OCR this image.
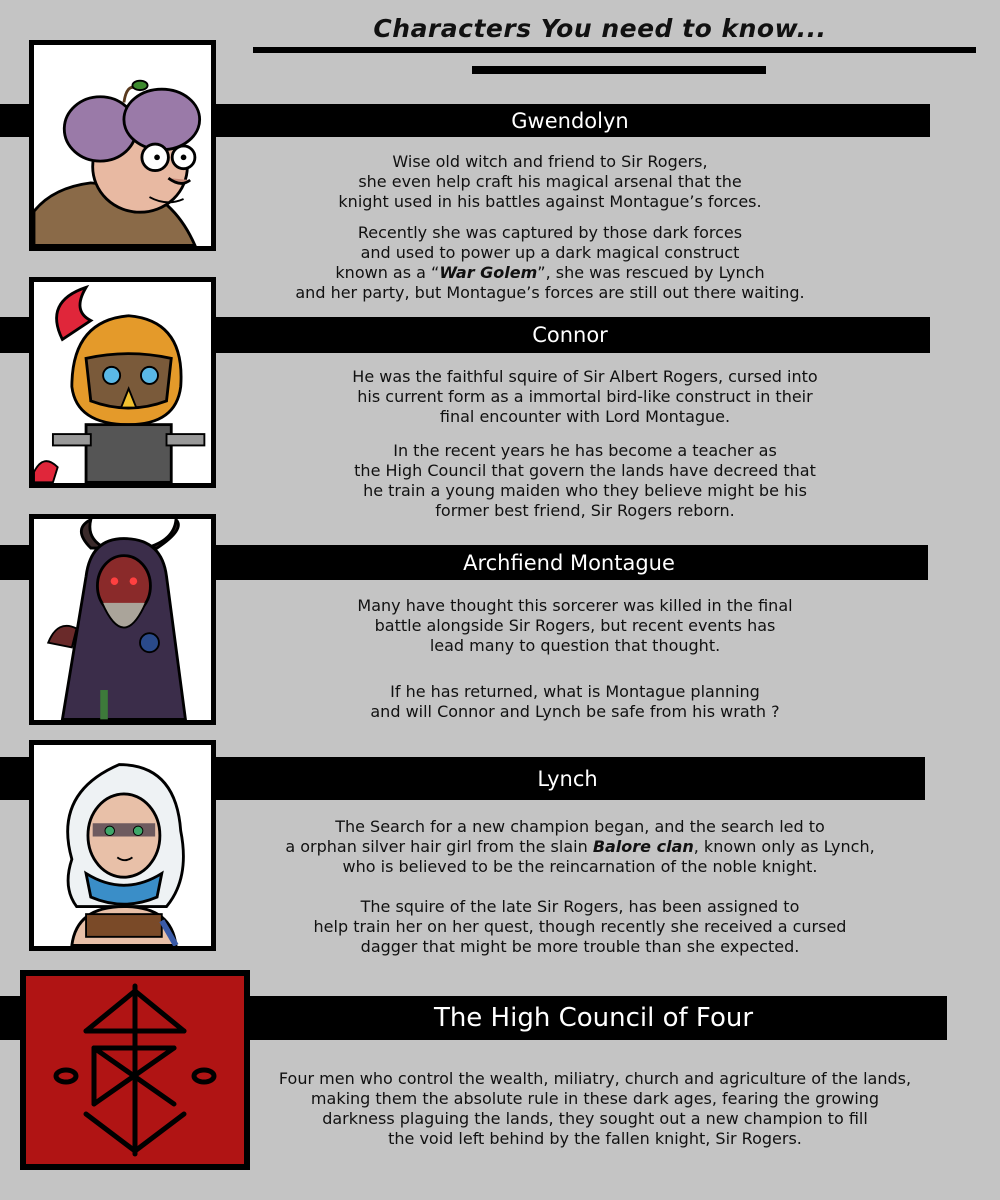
Characters You need to know...
Gwendolyn

Wise old witch and friend to Sir Rogers,
she even help craft his magical arsenal that the
knight used in his battles against Montague’s forces.

Recently she was captured by those dark forces
and used to power up a dark magical construct
known as a “War Golem”, she was rescued by Lynch
and her party, but Montague’s forces are still out there waiting.

Connor

He was the faithful squire of Sir Albert Rogers, cursed into
his current form as a immortal bird-like construct in their
final encounter with Lord Montague.

In the recent years he has become a teacher as
the High Council that govern the lands have decreed that
he train a young maiden who they believe might be his
former best friend, Sir Rogers reborn.

Archfiend Montague

Many have thought this sorcerer was killed in the final
battle alongside Sir Rogers, but recent events has
lead many to question that thought.

If he has returned, what is Montague planning
and will Connor and Lynch be safe from his wrath ?

Lynch

The Search for a new champion began, and the search led to
a orphan silver hair girl from the slain Balore clan, known only as Lynch,
who is believed to be the reincarnation of the noble knight.

The squire of the late Sir Rogers, has been assigned to
help train her on her quest, though recently she received a cursed
dagger that might be more trouble than she expected.

The High Council of Four

Four men who control the wealth, miliatry, church and agriculture of the lands,
making them the absolute rule in these dark ages, fearing the growing
darkness plaguing the lands, they sought out a new champion to fill
the void left behind by the fallen knight, Sir Rogers.
